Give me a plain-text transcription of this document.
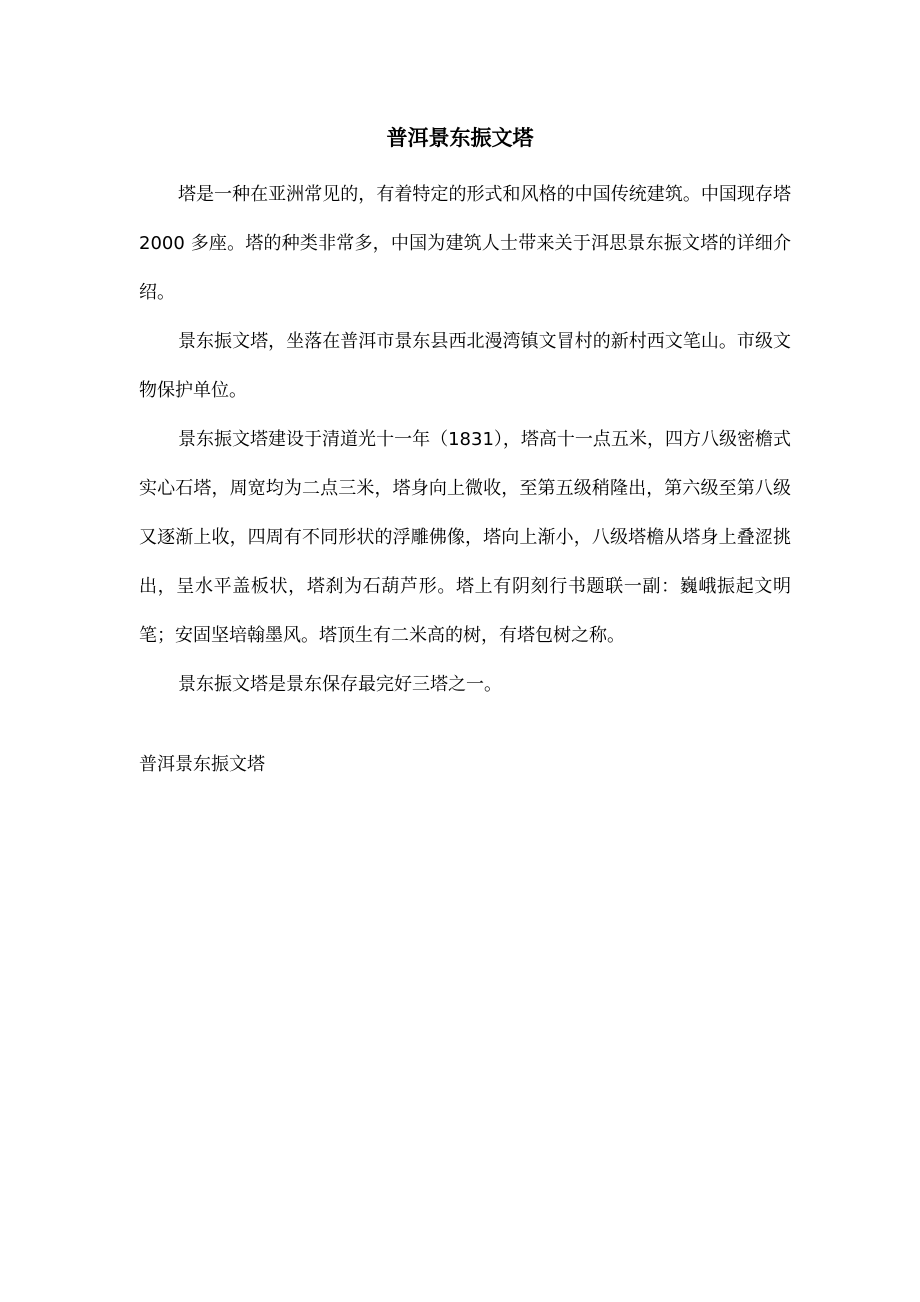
普洱景东振文塔

塔是一种在亚洲常见的，有着特定的形式和风格的中国传统建筑。中国现存塔 2000 多座。塔的种类非常多，中国为建筑人士带来关于洱思景东振文塔的详细介绍。

景东振文塔，坐落在普洱市景东县西北漫湾镇文冒村的新村西文笔山。市级文物保护单位。

景东振文塔建设于清道光十一年（1831），塔高十一点五米，四方八级密檐式实心石塔，周宽均为二点三米，塔身向上微收，至第五级稍隆出，第六级至第八级又逐渐上收，四周有不同形状的浮雕佛像，塔向上渐小，八级塔檐从塔身上叠涩挑出，呈水平盖板状，塔刹为石葫芦形。塔上有阴刻行书题联一副：巍峨振起文明笔；安固坚培翰墨风。塔顶生有二米高的树，有塔包树之称。

景东振文塔是景东保存最完好三塔之一。

普洱景东振文塔
